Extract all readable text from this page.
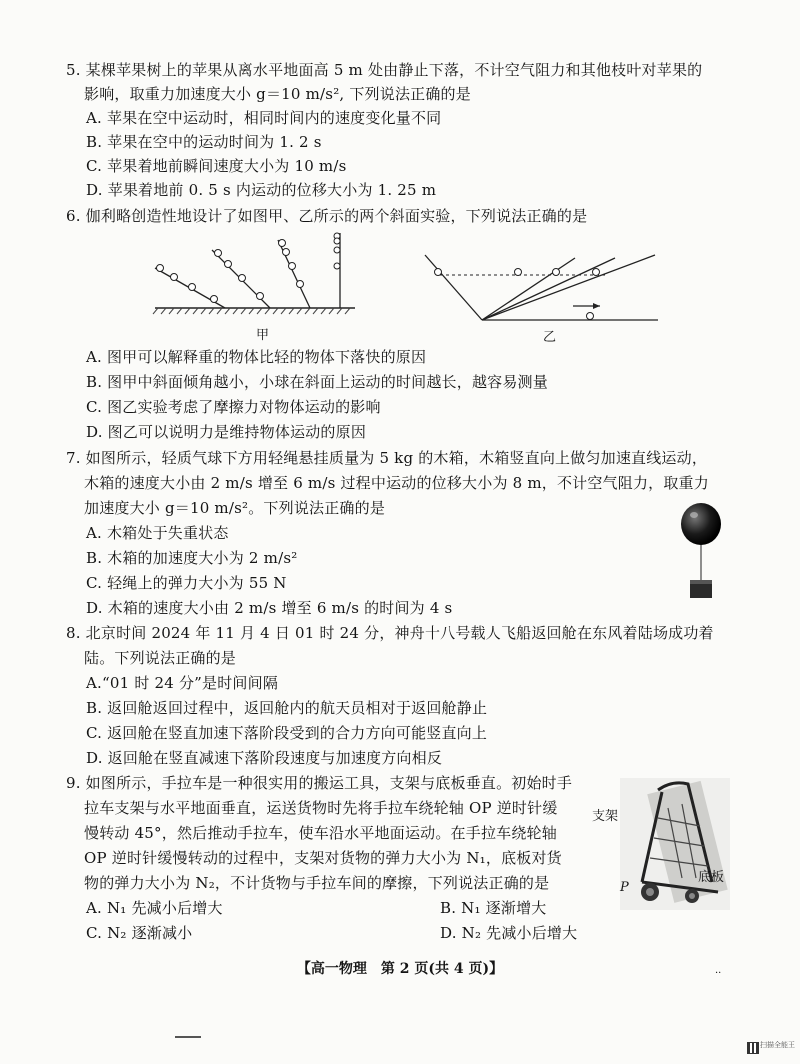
5. 某棵苹果树上的苹果从离水平地面高 5 m 处由静止下落，不计空气阻力和其他枝叶对苹果的
影响，取重力加速度大小 g＝10 m/s², 下列说法正确的是
A. 苹果在空中运动时，相同时间内的速度变化量不同
B. 苹果在空中的运动时间为 1. 2 s
C. 苹果着地前瞬间速度大小为 10 m/s
D. 苹果着地前 0. 5 s 内运动的位移大小为 1. 25 m
6. 伽利略创造性地设计了如图甲、乙所示的两个斜面实验，下列说法正确的是
甲	乙
A. 图甲可以解释重的物体比轻的物体下落快的原因
B. 图甲中斜面倾角越小，小球在斜面上运动的时间越长，越容易测量
C. 图乙实验考虑了摩擦力对物体运动的影响
D. 图乙可以说明力是维持物体运动的原因
7. 如图所示，轻质气球下方用轻绳悬挂质量为 5 kg 的木箱，木箱竖直向上做匀加速直线运动，
木箱的速度大小由 2 m/s 增至 6 m/s 过程中运动的位移大小为 8 m，不计空气阻力，取重力
加速度大小 g＝10 m/s²。下列说法正确的是
A. 木箱处于失重状态
B. 木箱的加速度大小为 2 m/s²
C. 轻绳上的弹力大小为 55 N
D. 木箱的速度大小由 2 m/s 增至 6 m/s 的时间为 4 s
8. 北京时间 2024 年 11 月 4 日 01 时 24 分，神舟十八号载人飞船返回舱在东风着陆场成功着
陆。下列说法正确的是
A.“01 时 24 分”是时间间隔
B. 返回舱返回过程中，返回舱内的航天员相对于返回舱静止
C. 返回舱在竖直加速下落阶段受到的合力方向可能竖直向上
D. 返回舱在竖直减速下落阶段速度与加速度方向相反
9. 如图所示，手拉车是一种很实用的搬运工具，支架与底板垂直。初始时手
拉车支架与水平地面垂直，运送货物时先将手拉车绕轮轴 OP 逆时针缓
慢转动 45°，然后推动手拉车，使车沿水平地面运动。在手拉车绕轮轴
OP 逆时针缓慢转动的过程中，支架对货物的弹力大小为 N₁，底板对货
物的弹力大小为 N₂，不计货物与手拉车间的摩擦，下列说法正确的是
A. N₁ 先减小后增大	B. N₁ 逐渐增大
C. N₂ 逐渐减小	D. N₂ 先减小后增大
支架
底板
P
【高一物理　第 2 页(共 4 页)】	··
扫描全能王
